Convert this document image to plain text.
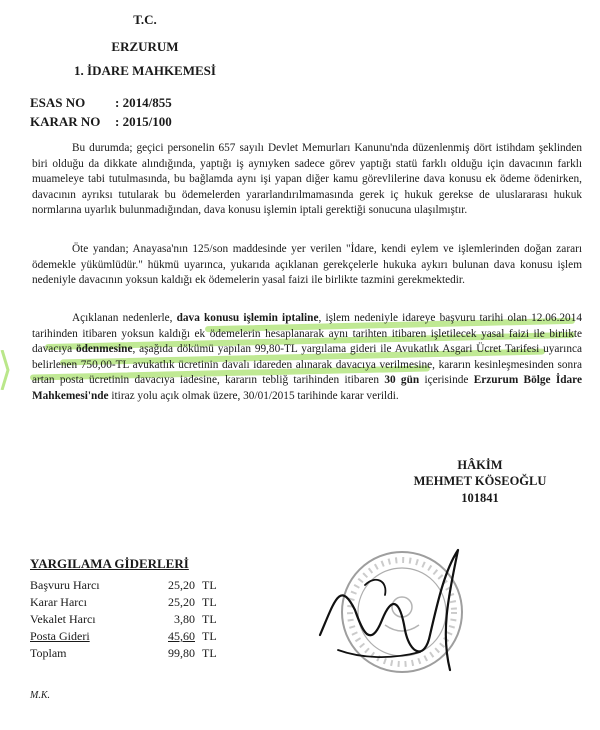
T.C.
ERZURUM
1. İDARE MAHKEMESİ
ESAS NO : 2014/855
KARAR NO : 2015/100

Bu durumda; geçici personelin 657 sayılı Devlet Memurları Kanunu'nda düzenlenmiş dört istihdam şeklinden biri olduğu da dikkate alındığında, yaptığı iş aynıyken sadece görev yaptığı statü farklı olduğu için davacının farklı muameleye tabi tutulmasında, bu bağlamda aynı işi yapan diğer kamu görevlilerine dava konusu ek ödeme ödenirken, davacının ayrıksı tutularak bu ödemelerden yararlandırılmamasında gerek iç hukuk gerekse de uluslararası hukuk normlarına uyarlık bulunmadığından, dava konusu işlemin iptali gerektiği sonucuna ulaşılmıştır.

Öte yandan; Anayasa'nın 125/son maddesinde yer verilen "İdare, kendi eylem ve işlemlerinden doğan zararı ödemekle yükümlüdür." hükmü uyarınca, yukarıda açıklanan gerekçelerle hukuka aykırı bulunan dava konusu işlem nedeniyle davacının yoksun kaldığı ek ödemelerin yasal faizi ile birlikte tazmini gerekmektedir.

Açıklanan nedenlerle, dava konusu işlemin iptaline, işlem nedeniyle idareye başvuru tarihi olan 12.06.2014 tarihinden itibaren yoksun kaldığı ek ödemelerin hesaplanarak aynı tarihten itibaren işletilecek yasal faizi ile birlikte davacıya ödenmesine, aşağıda dökümü yapılan 99,80-TL yargılama gideri ile Avukatlık Asgari Ücret Tarifesi uyarınca belirlenen 750,00-TL avukatlık ücretinin davalı idareden alınarak davacıya verilmesine, kararın kesinleşmesinden sonra artan posta ücretinin davacıya iadesine, kararın tebliğ tarihinden itibaren 30 gün içerisinde Erzurum Bölge İdare Mahkemesi'nde itiraz yolu açık olmak üzere, 30/01/2015 tarihinde karar verildi.

HÂKİM
MEHMET KÖSEOĞLU
101841
YARGILAMA GİDERLERİ
Başvuru Harcı	25,20 TL
Karar Harcı	25,20 TL
Vekalet Harcı	3,80 TL
Posta Gideri	45,60 TL
Toplam	99,80 TL
M.K.
